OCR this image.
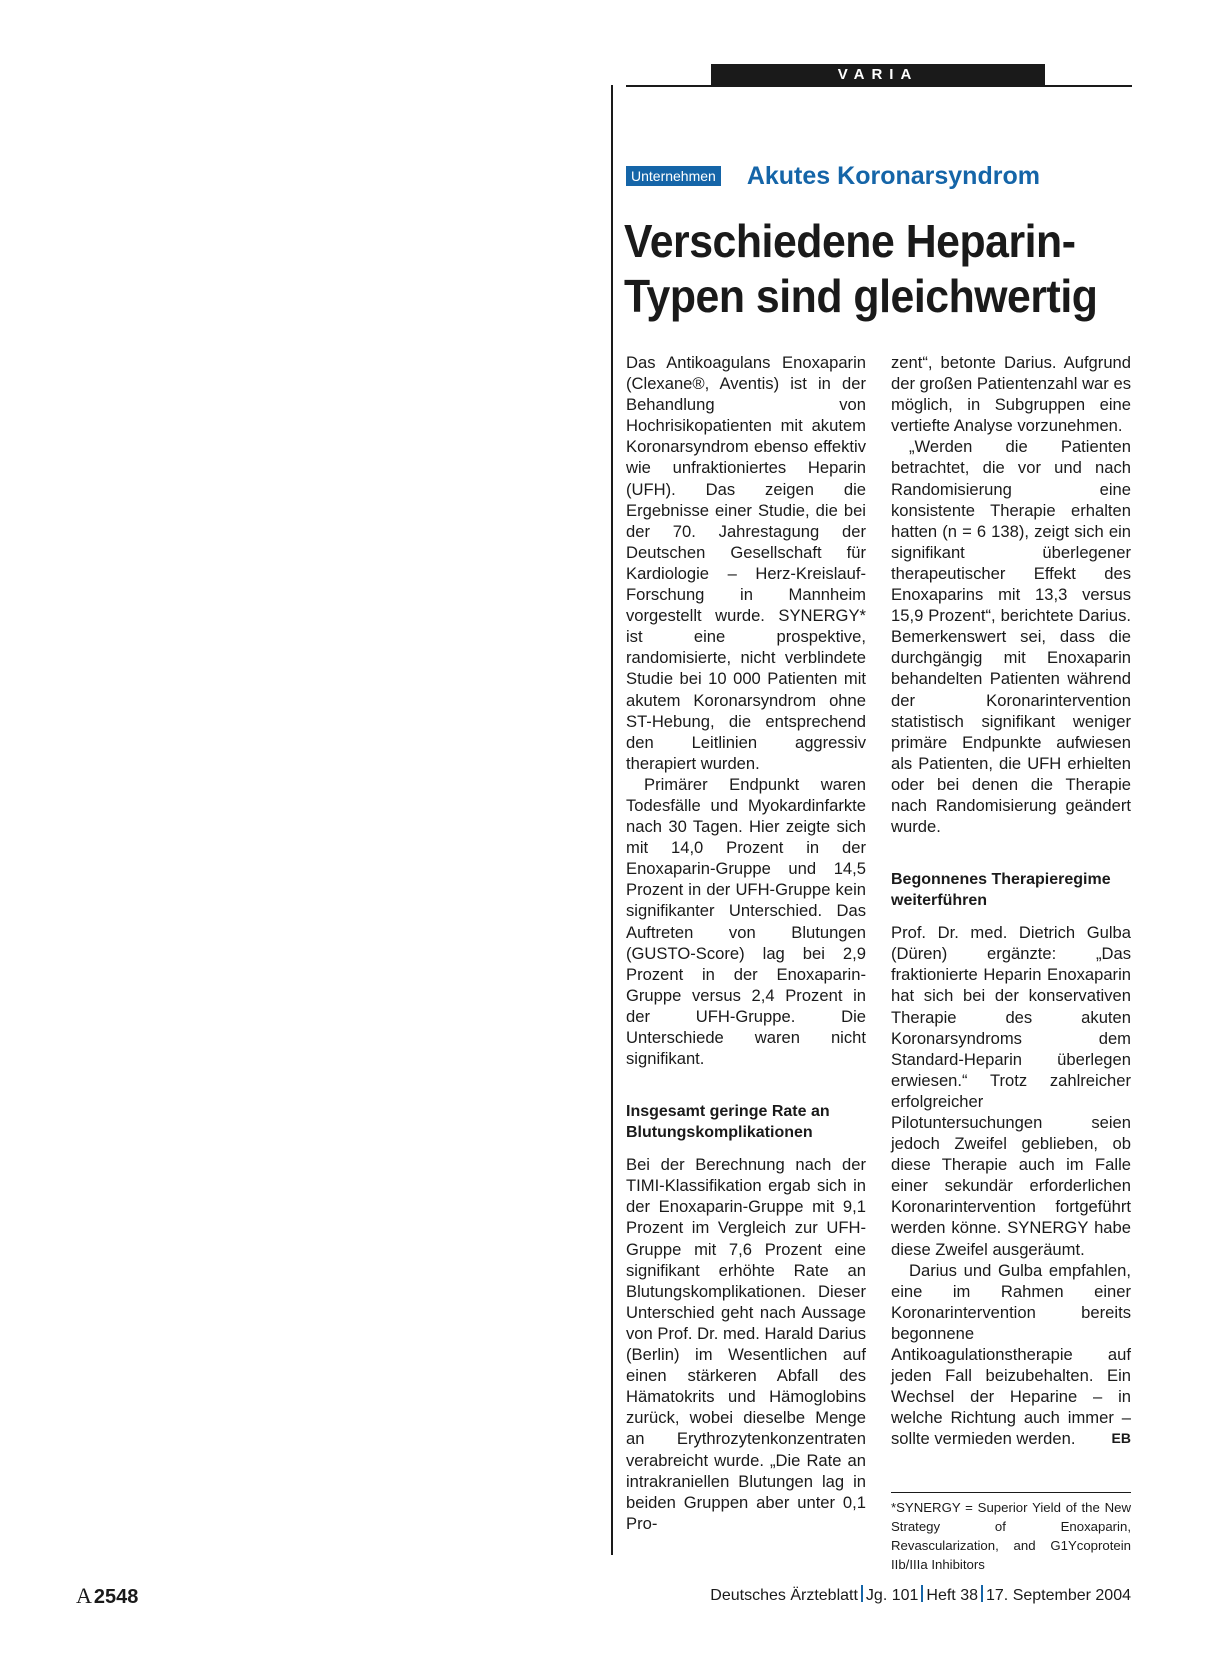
VARIA
Unternehmen Akutes Koronarsyndrom
Verschiedene Heparin-Typen sind gleichwertig

Das Antikoagulans Enoxaparin (Clexane®, Aventis) ist in der Behandlung von Hochrisikopatienten mit akutem Koronarsyndrom ebenso effektiv wie unfraktioniertes Heparin (UFH). Das zeigen die Ergebnisse einer Studie, die bei der 70. Jahrestagung der Deutschen Gesellschaft für Kardiologie – Herz-Kreislauf-Forschung in Mannheim vorgestellt wurde. SYNERGY* ist eine prospektive, randomisierte, nicht verblindete Studie bei 10 000 Patienten mit akutem Koronarsyndrom ohne ST-Hebung, die entsprechend den Leitlinien aggressiv therapiert wurden.

Primärer Endpunkt waren Todesfälle und Myokardinfarkte nach 30 Tagen. Hier zeigte sich mit 14,0 Prozent in der Enoxaparin-Gruppe und 14,5 Prozent in der UFH-Gruppe kein signifikanter Unterschied. Das Auftreten von Blutungen (GUSTO-Score) lag bei 2,9 Prozent in der Enoxaparin-Gruppe versus 2,4 Prozent in der UFH-Gruppe. Die Unterschiede waren nicht signifikant.

Insgesamt geringe Rate an Blutungskomplikationen

Bei der Berechnung nach der TIMI-Klassifikation ergab sich in der Enoxaparin-Gruppe mit 9,1 Prozent im Vergleich zur UFH-Gruppe mit 7,6 Prozent eine signifikant erhöhte Rate an Blutungskomplikationen. Dieser Unterschied geht nach Aussage von Prof. Dr. med. Harald Darius (Berlin) im Wesentlichen auf einen stärkeren Abfall des Hämatokrits und Hämoglobins zurück, wobei dieselbe Menge an Erythrozytenkonzentraten verabreicht wurde. „Die Rate an intrakraniellen Blutungen lag in beiden Gruppen aber unter 0,1 Pro-

zent“, betonte Darius. Aufgrund der großen Patientenzahl war es möglich, in Subgruppen eine vertiefte Analyse vorzunehmen.

„Werden die Patienten betrachtet, die vor und nach Randomisierung eine konsistente Therapie erhalten hatten (n = 6 138), zeigt sich ein signifikant überlegener therapeutischer Effekt des Enoxaparins mit 13,3 versus 15,9 Prozent“, berichtete Darius. Bemerkenswert sei, dass die durchgängig mit Enoxaparin behandelten Patienten während der Koronarintervention statistisch signifikant weniger primäre Endpunkte aufwiesen als Patienten, die UFH erhielten oder bei denen die Therapie nach Randomisierung geändert wurde.

Begonnenes Therapieregime weiterführen

Prof. Dr. med. Dietrich Gulba (Düren) ergänzte: „Das fraktionierte Heparin Enoxaparin hat sich bei der konservativen Therapie des akuten Koronarsyndroms dem Standard-Heparin überlegen erwiesen.“ Trotz zahlreicher erfolgreicher Pilotuntersuchungen seien jedoch Zweifel geblieben, ob diese Therapie auch im Falle einer sekundär erforderlichen Koronarintervention fortgeführt werden könne. SYNERGY habe diese Zweifel ausgeräumt.

Darius und Gulba empfahlen, eine im Rahmen einer Koronarintervention bereits begonnene Antikoagulationstherapie auf jeden Fall beizubehalten. Ein Wechsel der Heparine – in welche Richtung auch immer – sollte vermieden werden.	EB

*SYNERGY = Superior Yield of the New Strategy of Enoxaparin, Revascularization, and G1Ycoprotein IIb/IIIa Inhibitors

A 2548	Deutsches Ärzteblatt Jg. 101 Heft 38 17. September 2004
